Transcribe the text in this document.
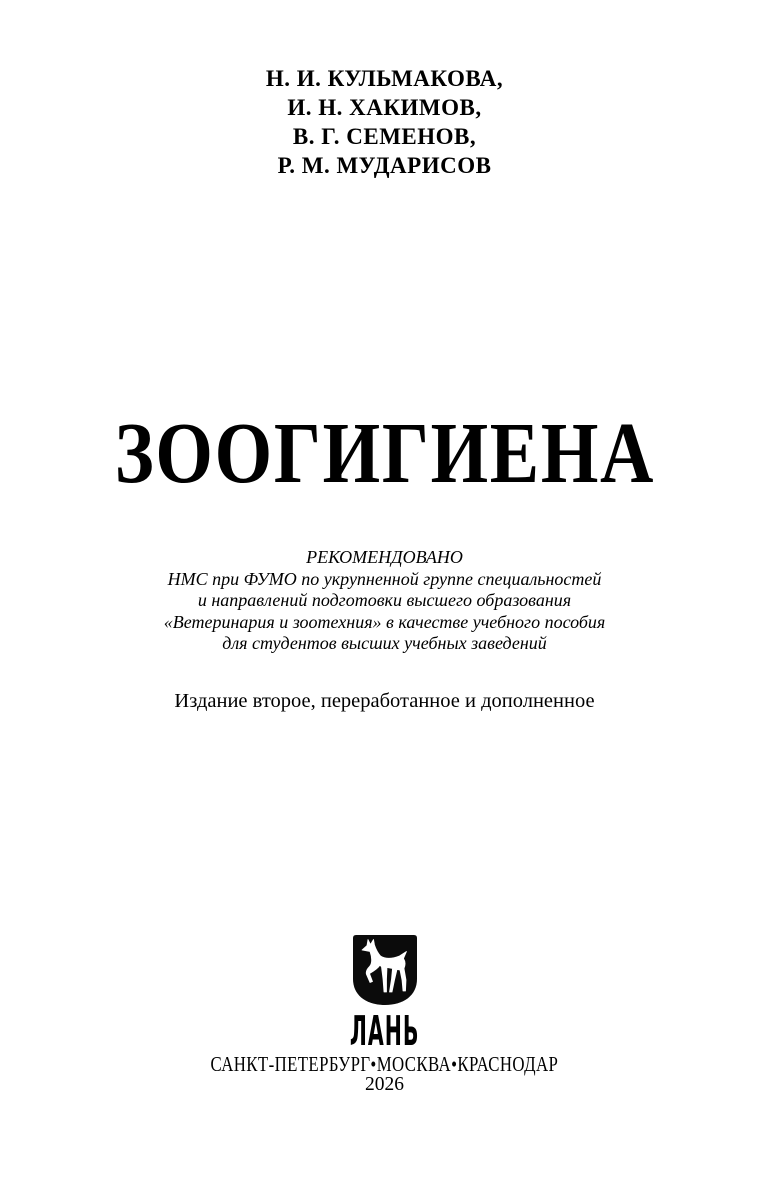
Н. И. КУЛЬМАКОВА,
И. Н. ХАКИМОВ,
В. Г. СЕМЕНОВ,
Р. М. МУДАРИСОВ
ЗООГИГИЕНА
РЕКОМЕНДОВАНО
НМС при ФУМО по укрупненной группе специальностей
и направлений подготовки высшего образования
«Ветеринария и зоотехния» в качестве учебного пособия
для студентов высших учебных заведений
Издание второе, переработанное и дополненное
ЛАНЬ
САНКТ-ПЕТЕРБУРГ•МОСКВА•КРАСНОДАР
2026
